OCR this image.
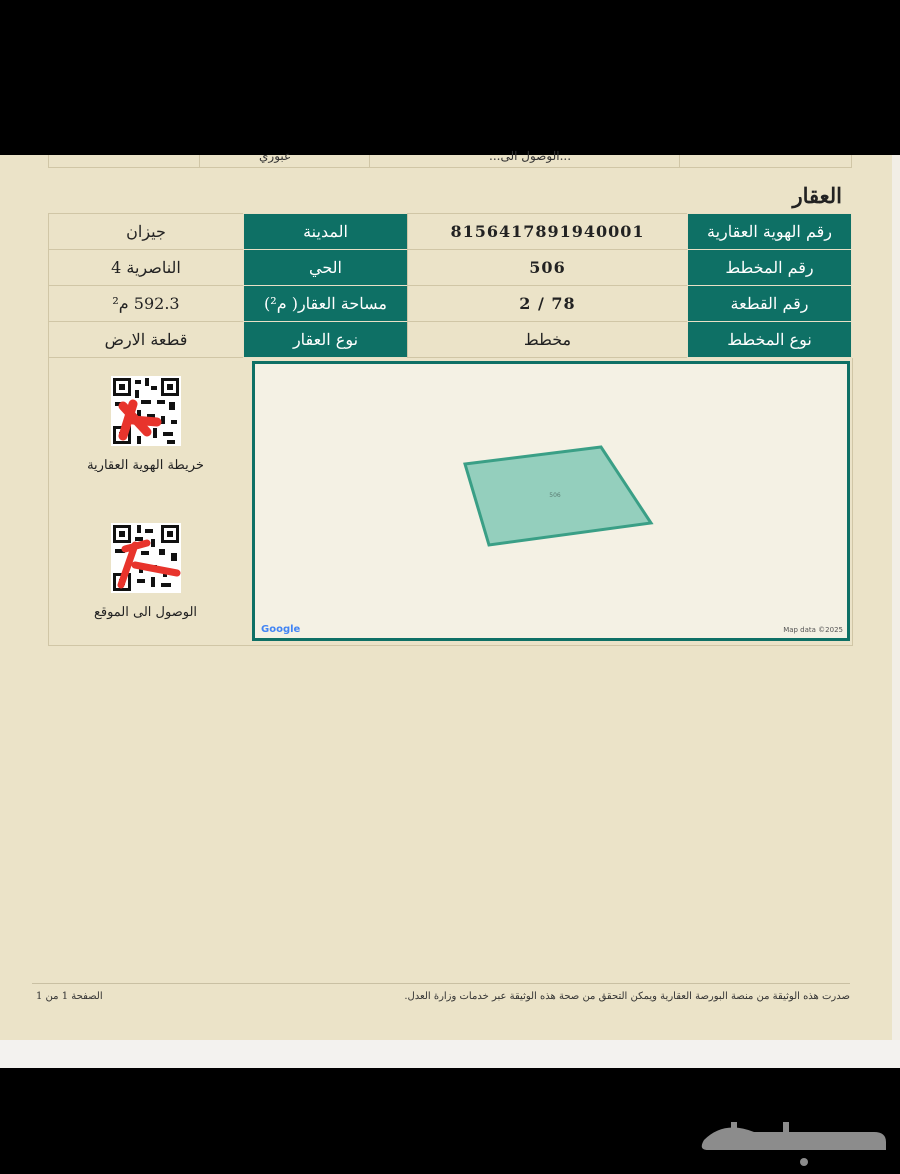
عبوري	...الوصول الى...
العقار
رقم الهوية العقارية	8156417891940001	المدينة	جيزان
رقم المخطط	506	الحي	الناصرية 4
رقم القطعة	78 / 2	مساحة العقار( م²)	592.3 م²
نوع المخطط	مخطط	نوع العقار	قطعة الارض
506
Google	Map data ©2025
خريطة الهوية العقارية
الوصول الى الموقع
صدرت هذه الوثيقة من منصة البورصة العقارية ويمكن التحقق من صحة هذه الوثيقة عبر خدمات وزارة العدل.
الصفحة 1 من 1
